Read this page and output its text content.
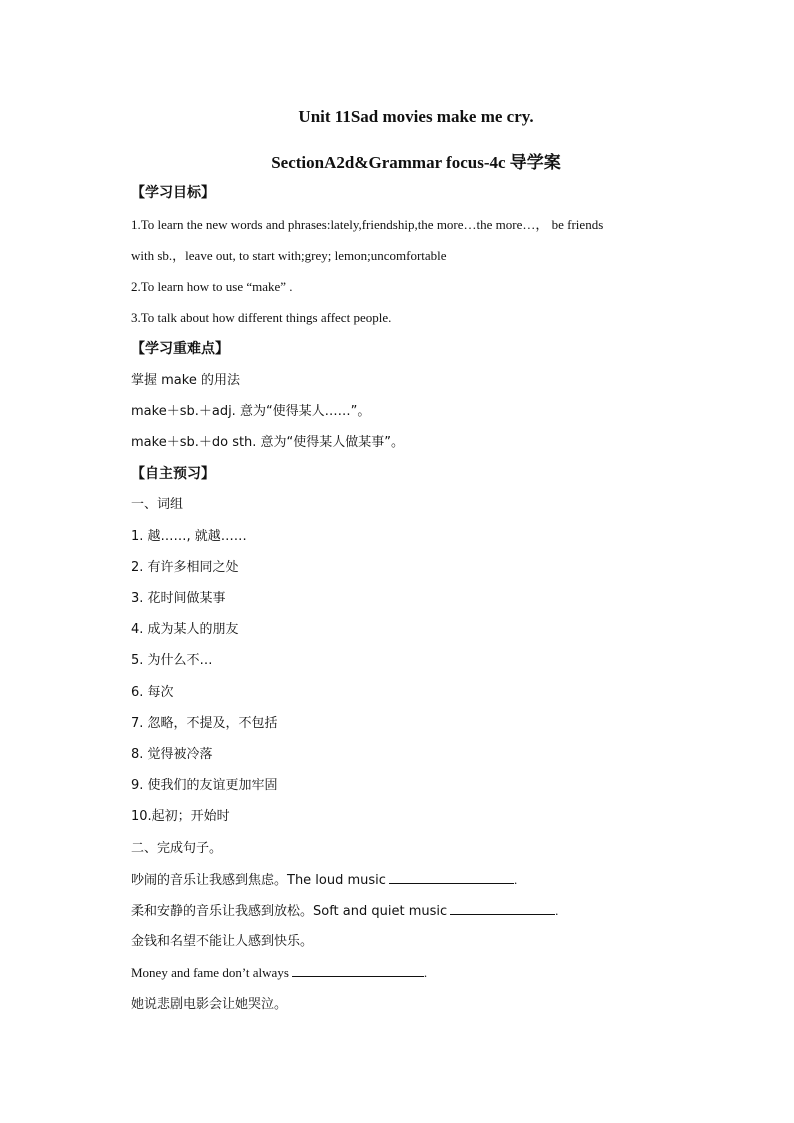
Unit 11Sad movies make me cry.
SectionA2d&Grammar focus-4c 导学案
【学习目标】
1.To learn the new words and phrases:lately,friendship,the more…the more…， be friends
with sb.，leave out, to start with;grey; lemon;uncomfortable
2.To learn how to use “make” .
3.To talk about how different things affect people.
【学习重难点】
掌握 make 的用法
make＋sb.＋adj. 意为“使得某人……”。
make＋sb.＋do sth. 意为“使得某人做某事”。
【自主预习】
一、词组
1. 越……, 就越……
2. 有许多相同之处
3. 花时间做某事
4. 成为某人的朋友
5. 为什么不…
6. 每次
7. 忽略，不提及，不包括
8. 觉得被冷落
9. 使我们的友谊更加牢固
10.起初；开始时
二、完成句子。
吵闹的音乐让我感到焦虑。The loud music	.
柔和安静的音乐让我感到放松。Soft and quiet music	.
金钱和名望不能让人感到快乐。
Money and fame don’t always	.
她说悲剧电影会让她哭泣。
